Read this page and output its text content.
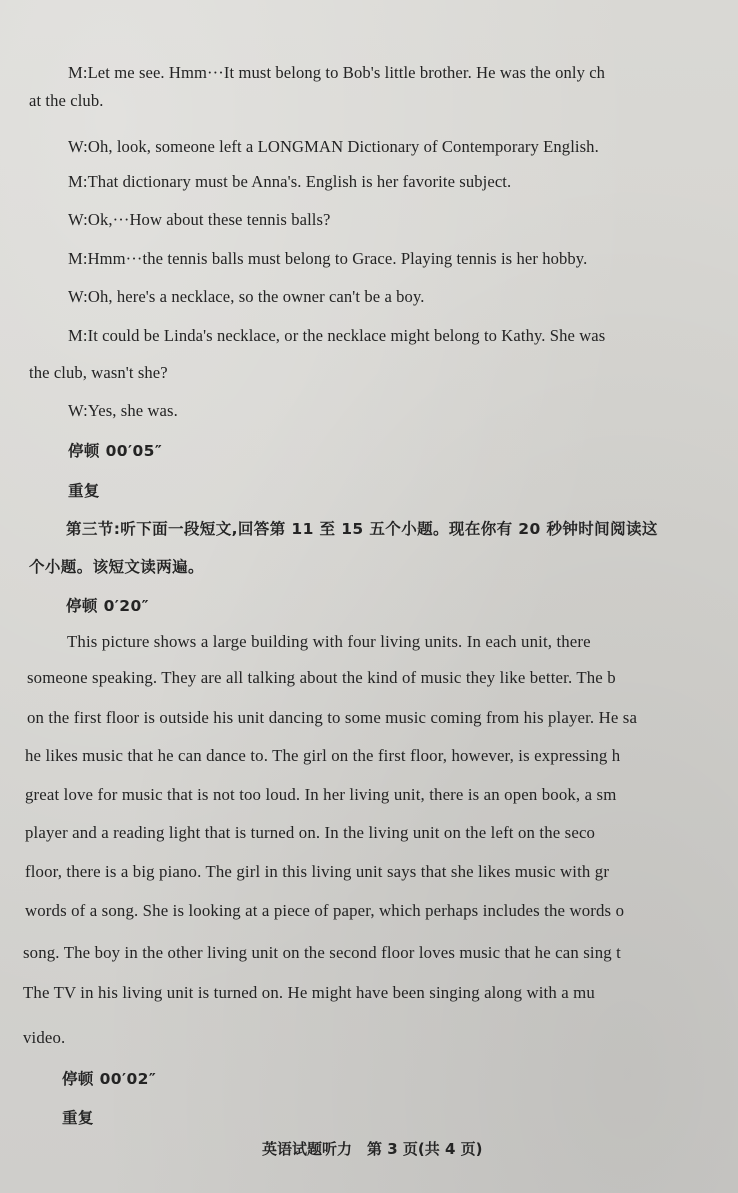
M:Let me see. Hmm···It must belong to Bob's little brother. He was the only ch
at the club.
W:Oh, look, someone left a LONGMAN Dictionary of Contemporary English.
M:That dictionary must be Anna's. English is her favorite subject.
W:Ok,···How about these tennis balls?
M:Hmm···the tennis balls must belong to Grace. Playing tennis is her hobby.
W:Oh, here's a necklace, so the owner can't be a boy.
M:It could be Linda's necklace, or the necklace might belong to Kathy. She was
the club, wasn't she?
W:Yes, she was.
停顿 00′05″
重复
第三节:听下面一段短文,回答第 11 至 15 五个小题。现在你有 20 秒钟时间阅读这
个小题。该短文读两遍。
停顿 0′20″
This picture shows a large building with four living units. In each unit, there
someone speaking. They are all talking about the kind of music they like better. The b
on the first floor is outside his unit dancing to some music coming from his player. He sa
he likes music that he can dance to. The girl on the first floor, however, is expressing h
great love for music that is not too loud. In her living unit, there is an open book, a sm
player and a reading light that is turned on. In the living unit on the left on the seco
floor, there is a big piano. The girl in this living unit says that she likes music with gr
words of a song. She is looking at a piece of paper, which perhaps includes the words o
song. The boy in the other living unit on the second floor loves music that he can sing t
The TV in his living unit is turned on. He might have been singing along with a mu
video.
停顿 00′02″
重复
英语试题听力　第 3 页(共 4 页)
